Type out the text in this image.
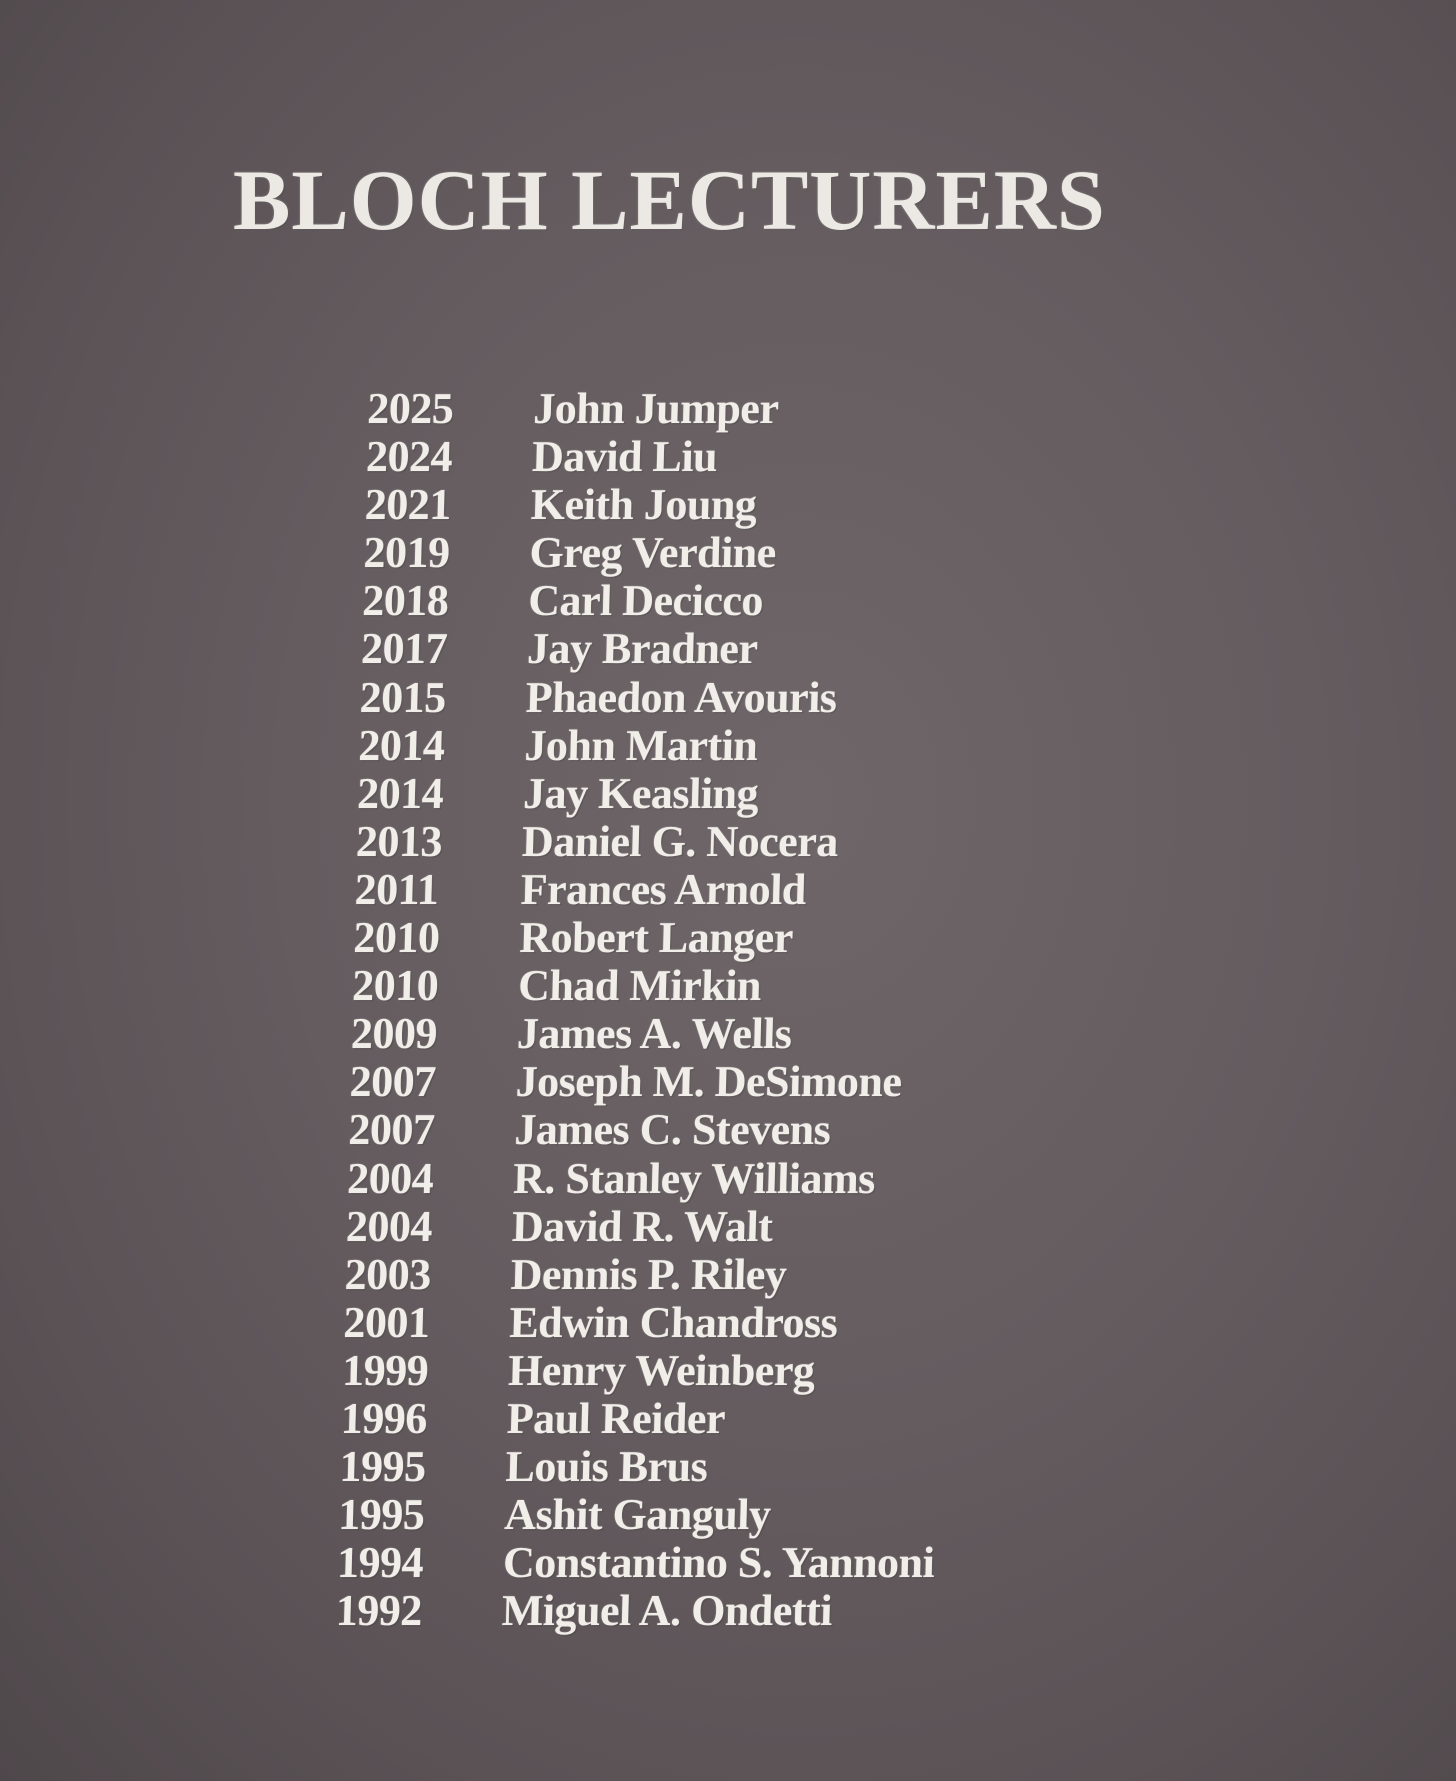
BLOCH LECTURERS
2025	John Jumper
2024	David Liu
2021	Keith Joung
2019	Greg Verdine
2018	Carl Decicco
2017	Jay Bradner
2015	Phaedon Avouris
2014	John Martin
2014	Jay Keasling
2013	Daniel G. Nocera
2011	Frances Arnold
2010	Robert Langer
2010	Chad Mirkin
2009	James A. Wells
2007	Joseph M. DeSimone
2007	James C. Stevens
2004	R. Stanley Williams
2004	David R. Walt
2003	Dennis P. Riley
2001	Edwin Chandross
1999	Henry Weinberg
1996	Paul Reider
1995	Louis Brus
1995	Ashit Ganguly
1994	Constantino S. Yannoni
1992	Miguel A. Ondetti
